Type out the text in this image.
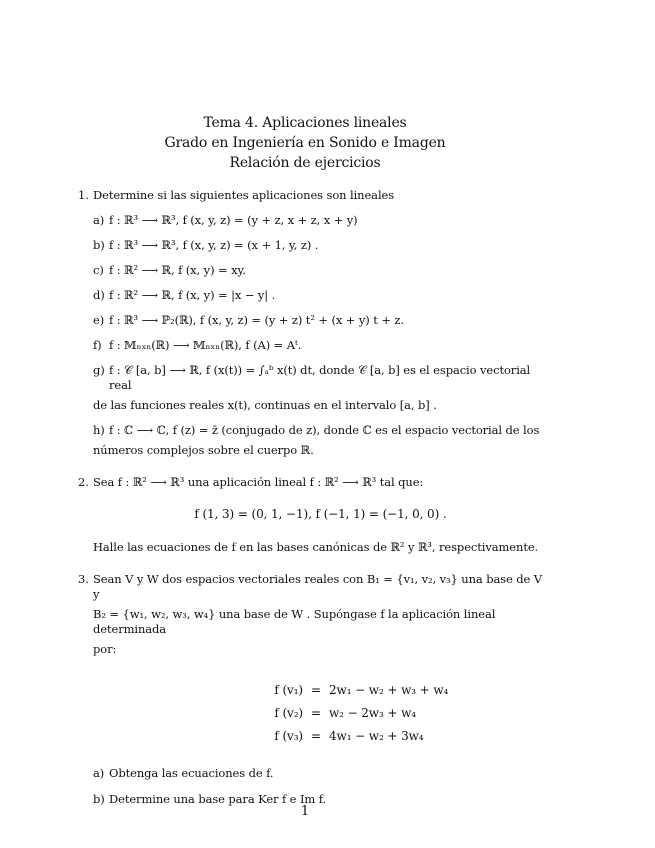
Tema 4. Aplicaciones lineales
Grado en Ingeniería en Sonido e Imagen
Relación de ejercicios
1. Determine si las siguientes aplicaciones son lineales
a) f : ℝ³ ⟶ ℝ³, f (x, y, z) = (y + z, x + z, x + y)
b) f : ℝ³ ⟶ ℝ³, f (x, y, z) = (x + 1, y, z) .
c) f : ℝ² ⟶ ℝ, f (x, y) = xy.
d) f : ℝ² ⟶ ℝ, f (x, y) = |x − y| .
e) f : ℝ³ ⟶ ℙ₂(ℝ), f (x, y, z) = (y + z) t² + (x + y) t + z.
f) f : 𝕄ₙₓₙ(ℝ) ⟶ 𝕄ₙₓₙ(ℝ), f (A) = Aᵗ.
g) f : 𝒞 [a, b] ⟶ ℝ, f (x(t)) = ∫ₐᵇ x(t) dt, donde 𝒞 [a, b] es el espacio vectorial real
de las funciones reales x(t), continuas en el intervalo [a, b] .
h) f : ℂ ⟶ ℂ, f (z) = z̄ (conjugado de z), donde ℂ es el espacio vectorial de los
números complejos sobre el cuerpo ℝ.
2. Sea f : ℝ² ⟶ ℝ³ una aplicación lineal f : ℝ² ⟶ ℝ³ tal que:
f (1, 3) = (0, 1, −1), f (−1, 1) = (−1, 0, 0) .
Halle las ecuaciones de f en las bases canónicas de ℝ² y ℝ³, respectivamente.
3. Sean V y W dos espacios vectoriales reales con B₁ = {v₁, v₂, v₃} una base de V y
B₂ = {w₁, w₂, w₃, w₄} una base de W . Supóngase f la aplicación lineal determinada
por:
f (v₁) = 2w₁ − w₂ + w₃ + w₄
f (v₂) = w₂ − 2w₃ + w₄
f (v₃) = 4w₁ − w₂ + 3w₄
a) Obtenga las ecuaciones de f.
b) Determine una base para Ker f e Im f.
1
